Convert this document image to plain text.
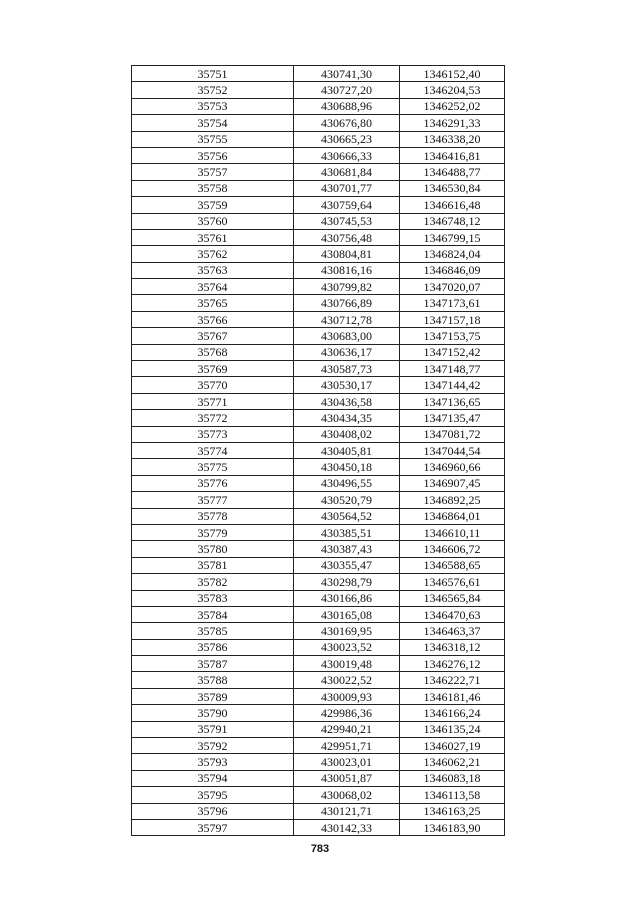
35751	430741,30	1346152,40
35752	430727,20	1346204,53
35753	430688,96	1346252,02
35754	430676,80	1346291,33
35755	430665,23	1346338,20
35756	430666,33	1346416,81
35757	430681,84	1346488,77
35758	430701,77	1346530,84
35759	430759,64	1346616,48
35760	430745,53	1346748,12
35761	430756,48	1346799,15
35762	430804,81	1346824,04
35763	430816,16	1346846,09
35764	430799,82	1347020,07
35765	430766,89	1347173,61
35766	430712,78	1347157,18
35767	430683,00	1347153,75
35768	430636,17	1347152,42
35769	430587,73	1347148,77
35770	430530,17	1347144,42
35771	430436,58	1347136,65
35772	430434,35	1347135,47
35773	430408,02	1347081,72
35774	430405,81	1347044,54
35775	430450,18	1346960,66
35776	430496,55	1346907,45
35777	430520,79	1346892,25
35778	430564,52	1346864,01
35779	430385,51	1346610,11
35780	430387,43	1346606,72
35781	430355,47	1346588,65
35782	430298,79	1346576,61
35783	430166,86	1346565,84
35784	430165,08	1346470,63
35785	430169,95	1346463,37
35786	430023,52	1346318,12
35787	430019,48	1346276,12
35788	430022,52	1346222,71
35789	430009,93	1346181,46
35790	429986,36	1346166,24
35791	429940,21	1346135,24
35792	429951,71	1346027,19
35793	430023,01	1346062,21
35794	430051,87	1346083,18
35795	430068,02	1346113,58
35796	430121,71	1346163,25
35797	430142,33	1346183,90
783
